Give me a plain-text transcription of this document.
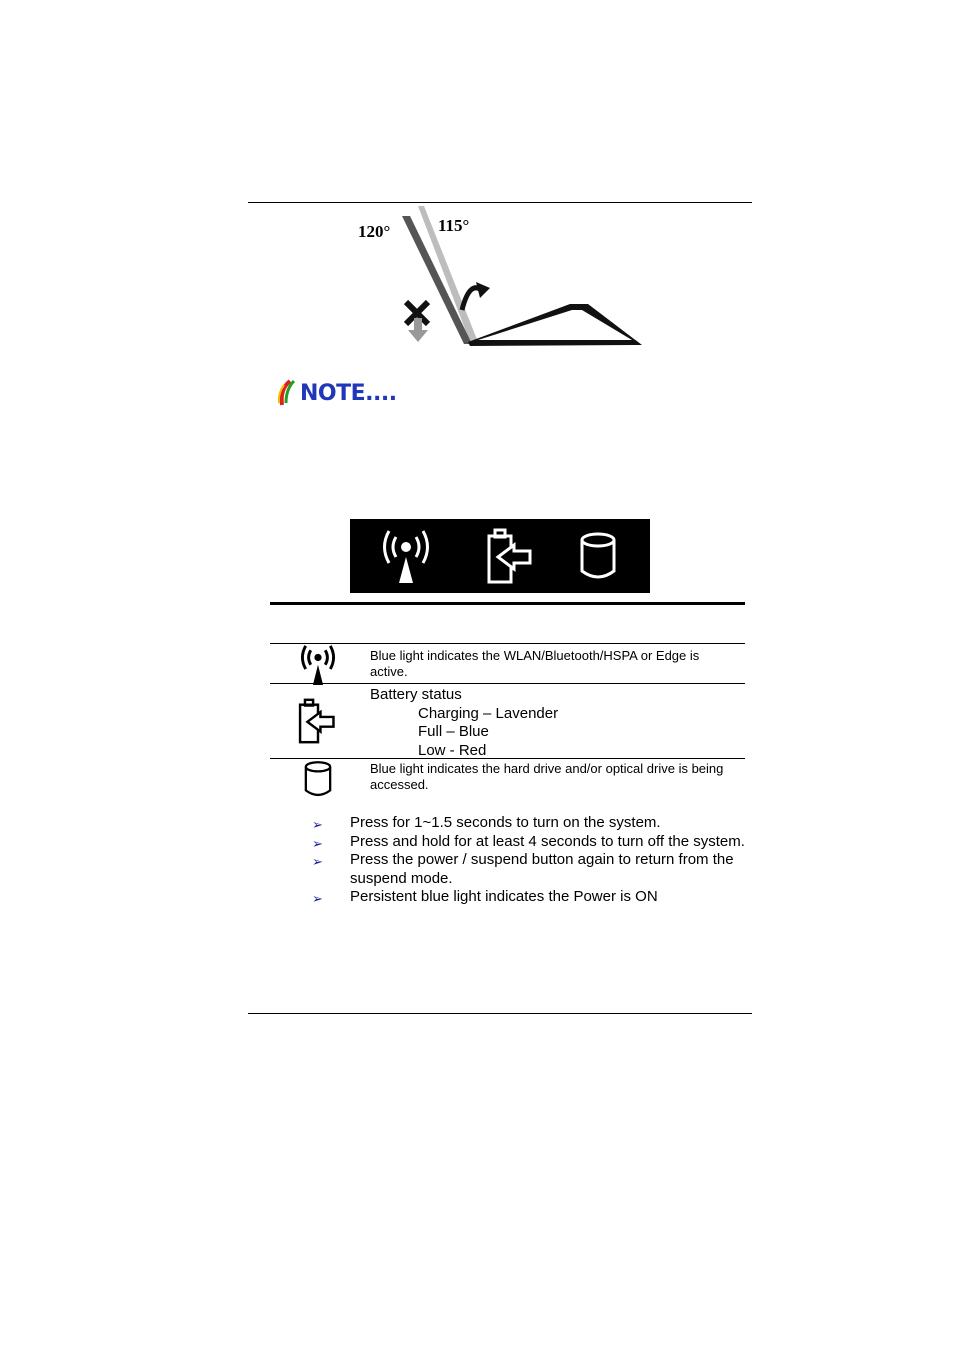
120°	115°
NOTE....
Blue light indicates the WLAN/Bluetooth/HSPA or Edge is active.
Battery status
Charging – Lavender
Full – Blue
Low - Red
Blue light indicates the hard drive and/or optical drive is being accessed.
➢ Press for 1~1.5 seconds to turn on the system.
➢ Press and hold for at least 4 seconds to turn off the system.
➢ Press the power / suspend button again to return from the suspend mode.
➢ Persistent blue light indicates the Power is ON
